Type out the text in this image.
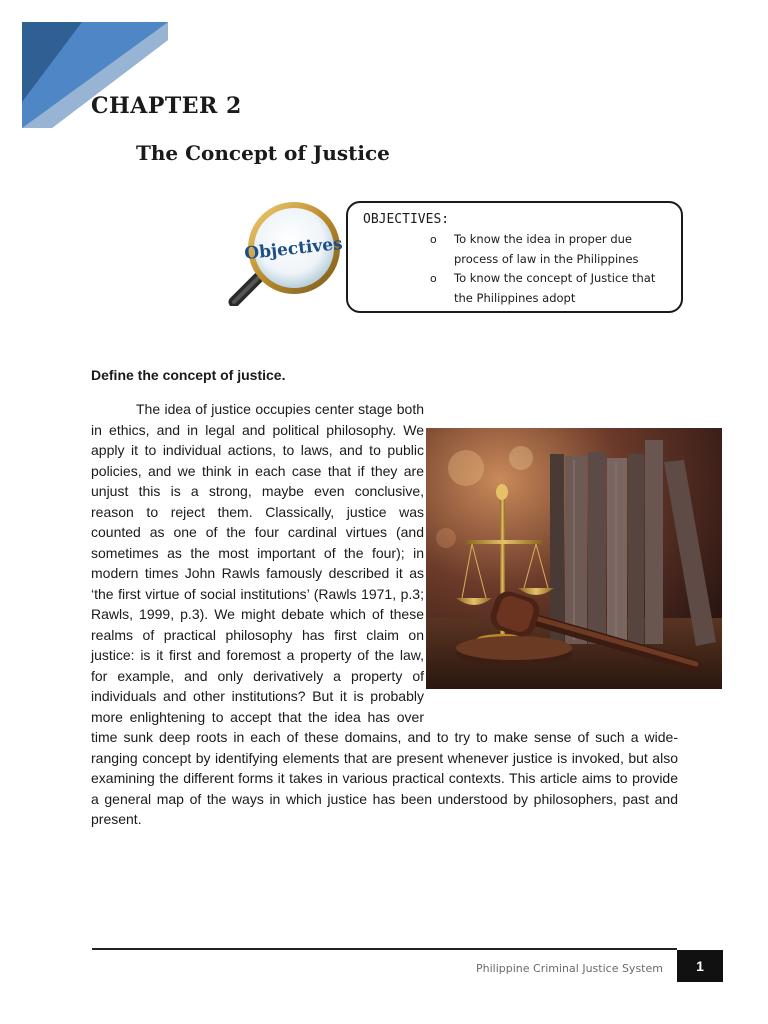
CHAPTER 2
The Concept of Justice
Objectives
OBJECTIVES:
o	To know the idea in proper due process of law in the Philippines
o	To know the concept of Justice that the Philippines adopt
Define the concept of justice.

The idea of justice occupies center stage both in ethics, and in legal and political philosophy. We apply it to individual actions, to laws, and to public policies, and we think in each case that if they are unjust this is a strong, maybe even conclusive, reason to reject them. Classically, justice was counted as one of the four cardinal virtues (and sometimes as the most important of the four); in modern times John Rawls famously described it as ‘the first virtue of social institutions’ (Rawls 1971, p.3; Rawls, 1999, p.3). We might debate which of these realms of practical philosophy has first claim on justice: is it first and foremost a property of the law, for example, and only derivatively a property of individuals and other institutions? But it is probably more enlightening to accept that the idea has over time sunk deep roots in each of these domains, and to try to make sense of such a wide-ranging concept by identifying elements that are present whenever justice is invoked, but also examining the different forms it takes in various practical contexts. This article aims to provide a general map of the ways in which justice has been understood by philosophers, past and present.

Philippine Criminal Justice System	1
